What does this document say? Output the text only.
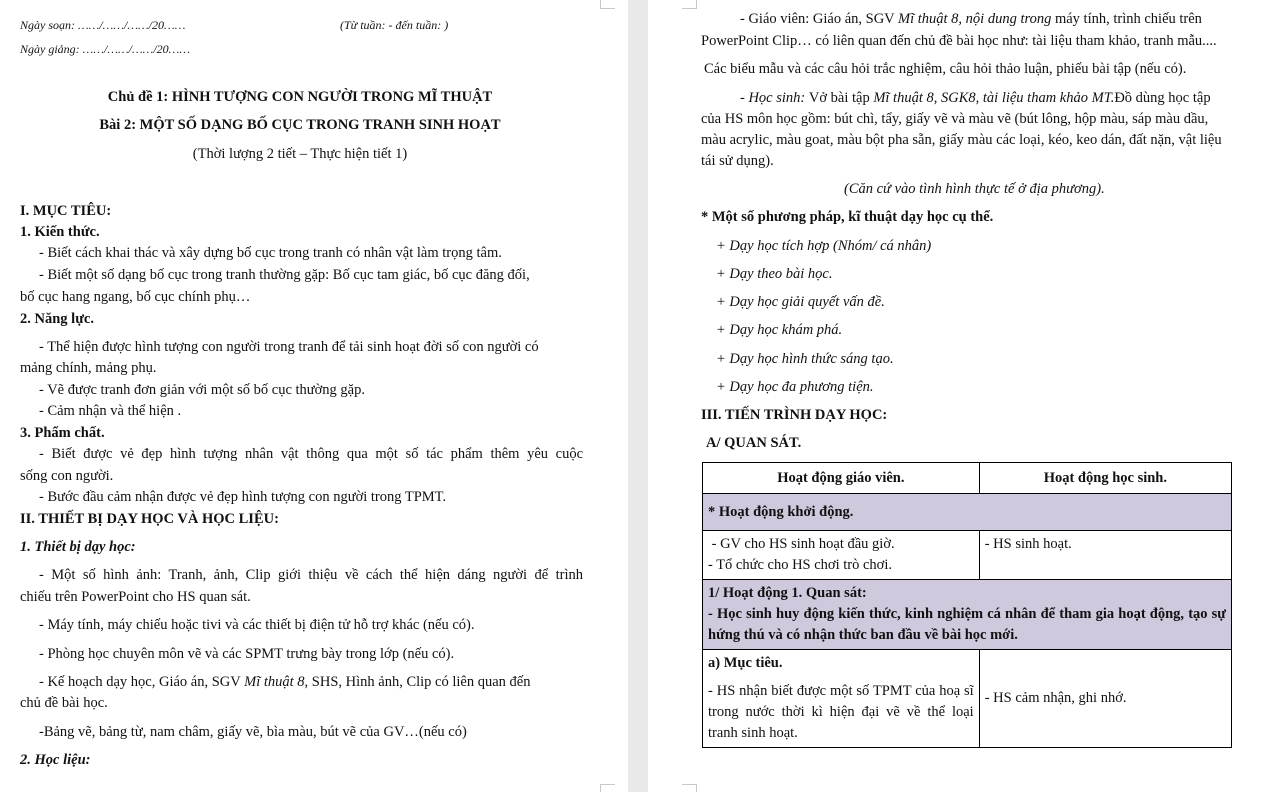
Ngày soạn: ……/……/……/20……	(Từ tuần: - đến tuần: )
Ngày giảng: ……/……/……/20……
Chủ đề 1: HÌNH TƯỢNG CON NGƯỜI TRONG MĨ THUẬT
Bài 2: MỘT SỐ DẠNG BỐ CỤC TRONG TRANH SINH HOẠT
(Thời lượng 2 tiết – Thực hiện tiết 1)
I. MỤC TIÊU:
1. Kiến thức.
- Biết cách khai thác và xây dựng bố cục trong tranh có nhân vật làm trọng tâm.
- Biết một số dạng bố cục trong tranh thường gặp: Bố cục tam giác, bố cục đăng đối,
bố cục hang ngang, bố cục chính phụ…
2. Năng lực.
- Thể hiện được hình tượng con người trong tranh để tải sinh hoạt đời số con người có
mảng chính, mảng phụ.
- Vẽ được tranh đơn giản với một số bố cục thường gặp.
- Cảm nhận và thể hiện .
3. Phẩm chất.
- Biết được vẻ đẹp hình tượng nhân vật thông qua một số tác phẩm thêm yêu cuộc
sống con người.
- Bước đầu cảm nhận được vẻ đẹp hình tượng con người trong TPMT.
II. THIẾT BỊ DẠY HỌC VÀ HỌC LIỆU:
1. Thiết bị dạy học:
- Một số hình ảnh: Tranh, ảnh, Clip giới thiệu về cách thể hiện dáng người để trình
chiếu trên PowerPoint cho HS quan sát.
- Máy tính, máy chiếu hoặc tivi và các thiết bị điện tử hỗ trợ khác (nếu có).
- Phòng học chuyên môn vẽ và các SPMT trưng bày trong lớp (nếu có).
- Kế hoạch dạy học, Giáo án, SGV Mĩ thuật 8 , SHS, Hình ảnh, Clip có liên quan đến
chủ đề bài học.
-Bảng vẽ, bảng từ, nam châm, giấy vẽ, bìa màu, bút vẽ của GV…(nếu có)
2. Học liệu:
- Giáo viên: Giáo án, SGV Mĩ thuật 8, nội dung trong máy tính, trình chiếu trên
PowerPoint Clip… có liên quan đến chủ đề bài học như: tài liệu tham khảo, tranh mẫu....
Các biểu mẫu và các câu hỏi trắc nghiệm, câu hỏi thảo luận, phiếu bài tập (nếu có).
- Học sinh: Vở bài tập Mĩ thuật 8, SGK8, tài liệu tham khảo MT. Đồ dùng học tập
của HS môn học gồm: bút chì, tẩy, giấy vẽ và màu vẽ (bút lông, hộp màu, sáp màu dầu,
màu acrylic, màu goat, màu bột pha sẵn, giấy màu các loại, kéo, keo dán, đất nặn, vật liệu
tái sử dụng).
(Căn cứ vào tình hình thực tế ở địa phương).
* Một số phương pháp, kĩ thuật dạy học cụ thể.
+ Dạy học tích hợp (Nhóm/ cá nhân)
+ Dạy theo bài học.
+ Dạy học giải quyết vấn đề.
+ Dạy học khám phá.
+ Dạy học hình thức sáng tạo.
+ Dạy học đa phương tiện.
III. TIẾN TRÌNH DẠY HỌC:
A/ QUAN SÁT.
Hoạt động giáo viên.	Hoạt động học sinh.
* Hoạt động khởi động.	

- GV cho HS sinh hoạt đầu giờ.
- Tổ chức cho HS chơi trò chơi.	- HS sinh hoạt.

1/ Hoạt động 1. Quan sát:
- Học sinh huy động kiến thức, kinh nghiệm cá nhân để tham gia hoạt động, tạo sự hứng thú và có nhận thức ban đầu về bài học mới.	

a) Mục tiêu.
- HS nhận biết được một số TPMT của hoạ sĩ trong nước thời kì hiện đại vẽ về thể loại tranh sinh hoạt.	- HS cảm nhận, ghi nhớ.
